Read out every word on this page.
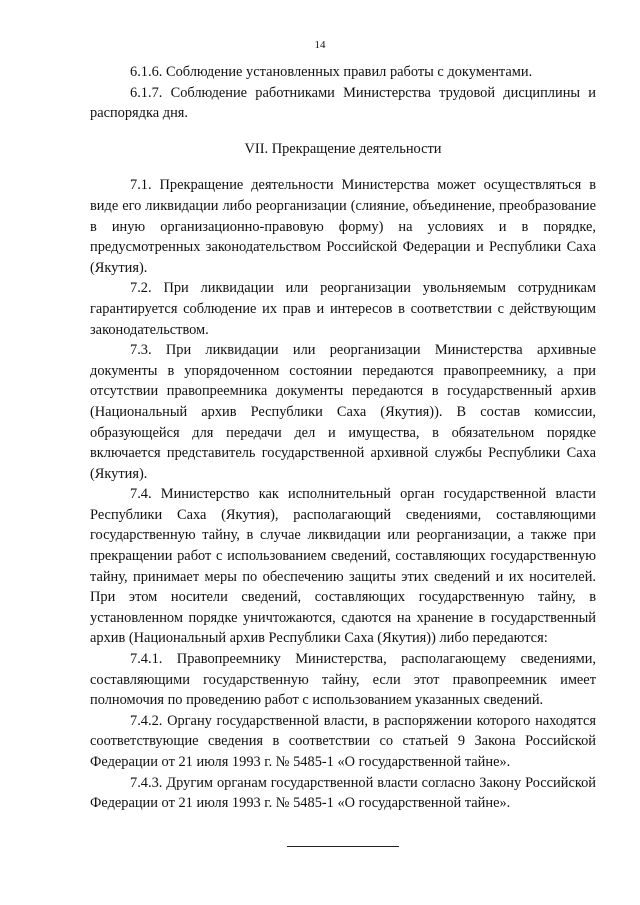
14

6.1.6. Соблюдение установленных правил работы с документами.

6.1.7. Соблюдение работниками Министерства трудовой дисциплины и распорядка дня.

VII. Прекращение деятельности

7.1. Прекращение деятельности Министерства может осуществляться в виде его ликвидации либо реорганизации (слияние, объединение, преобразование в иную организационно-правовую форму) на условиях и в порядке, предусмотренных законодательством Российской Федерации и Республики Саха (Якутия).

7.2. При ликвидации или реорганизации увольняемым сотрудникам гарантируется соблюдение их прав и интересов в соответствии с действующим законодательством.

7.3. При ликвидации или реорганизации Министерства архивные документы в упорядоченном состоянии передаются правопреемнику, а при отсутствии правопреемника документы передаются в государственный архив (Национальный архив Республики Саха (Якутия)). В состав комиссии, образующейся для передачи дел и имущества, в обязательном порядке включается представитель государственной архивной службы Республики Саха (Якутия).

7.4. Министерство как исполнительный орган государственной власти Республики Саха (Якутия), располагающий сведениями, составляющими государственную тайну, в случае ликвидации или реорганизации, а также при прекращении работ с использованием сведений, составляющих государственную тайну, принимает меры по обеспечению защиты этих сведений и их носителей. При этом носители сведений, составляющих государственную тайну, в установленном порядке уничтожаются, сдаются на хранение в государственный архив (Национальный архив Республики Саха (Якутия)) либо передаются:

7.4.1. Правопреемнику Министерства, располагающему сведениями, составляющими государственную тайну, если этот правопреемник имеет полномочия по проведению работ с использованием указанных сведений.

7.4.2. Органу государственной власти, в распоряжении которого находятся соответствующие сведения в соответствии со статьей 9 Закона Российской Федерации от 21 июля 1993 г. № 5485-1 «О государственной тайне».

7.4.3. Другим органам государственной власти согласно Закону Российской Федерации от 21 июля 1993 г. № 5485-1 «О государственной тайне».
